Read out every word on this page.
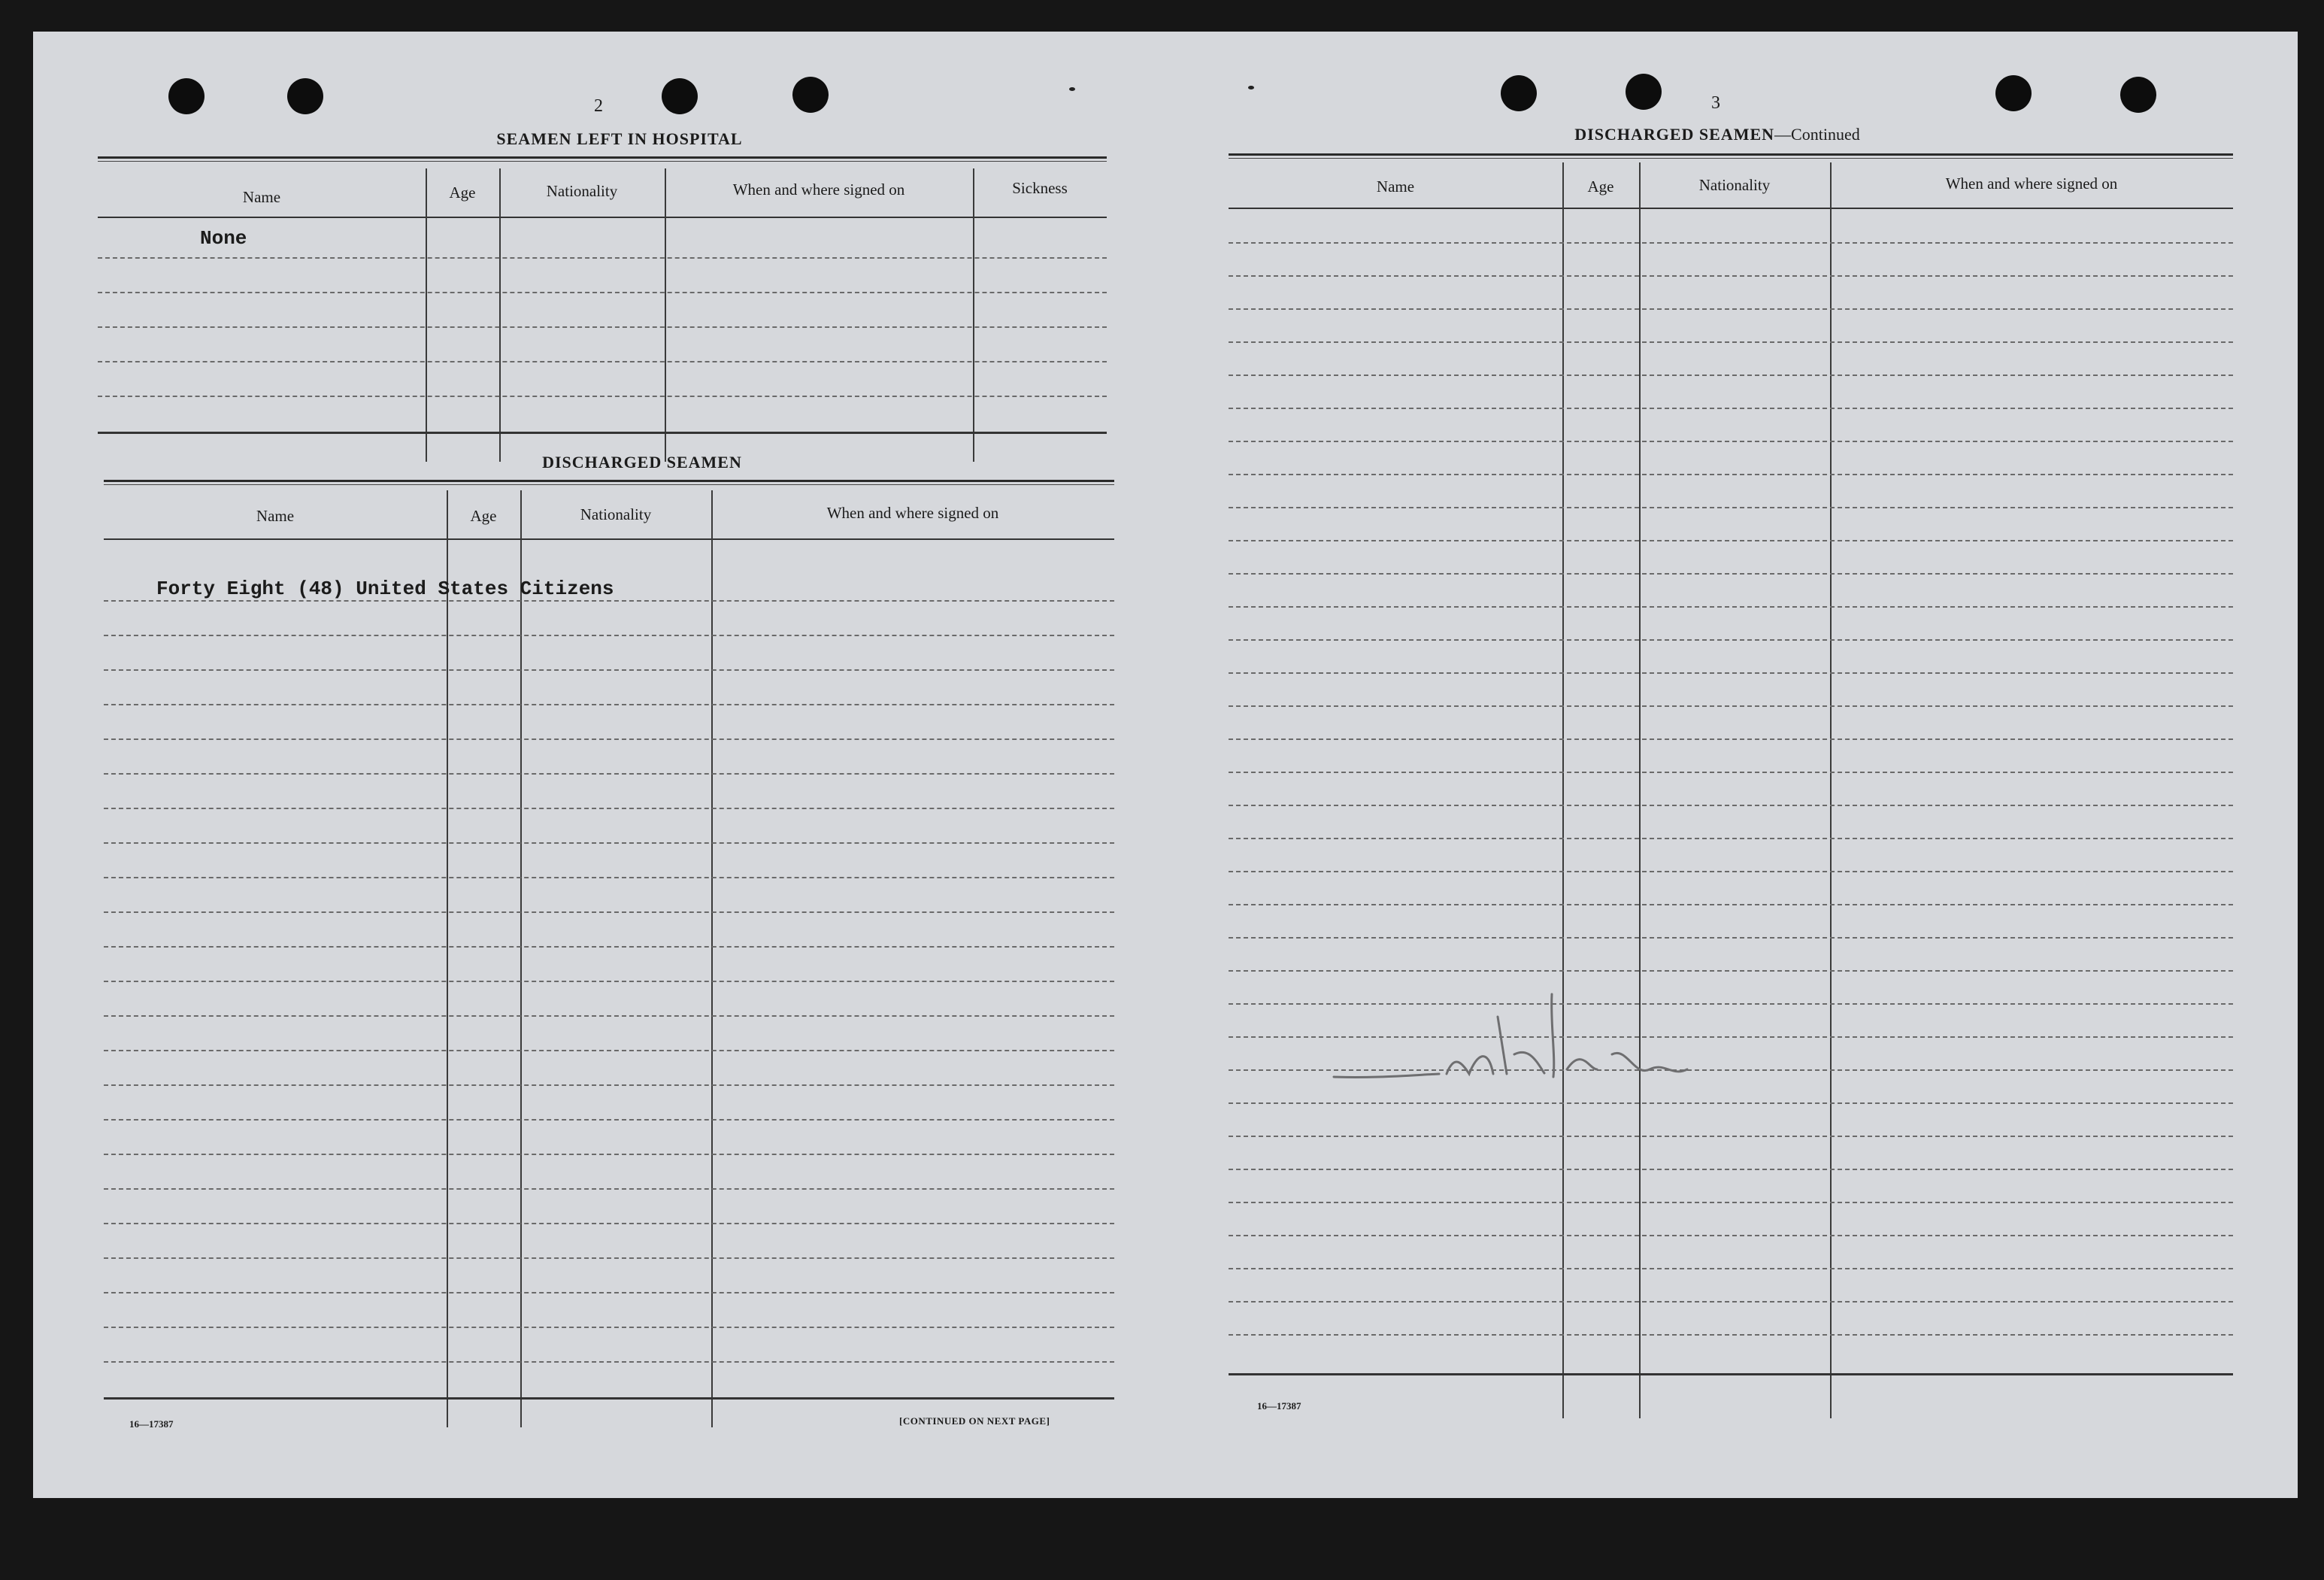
2
SEAMEN LEFT IN HOSPITAL
Name	Age	Nationality	When and where signed on	Sickness
None
DISCHARGED SEAMEN
Name	Age	Nationality	When and where signed on
Forty Eight (48) United States Citizens
16—17387	[CONTINUED ON NEXT PAGE]
3
DISCHARGED SEAMEN—Continued
Name	Age	Nationality	When and where signed on
16—17387
